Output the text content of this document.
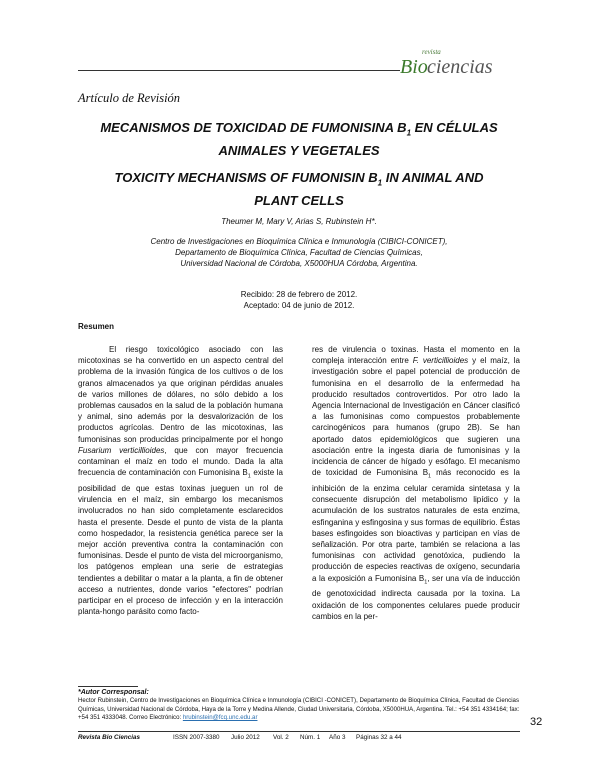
revista
Bio ciencias
Artículo de Revisión
MECANISMOS DE TOXICIDAD DE FUMONISINA $B_1$ EN CÉLULAS
ANIMALES Y VEGETALES
TOXICITY MECHANISMS OF FUMONISIN $B_1$ IN ANIMAL AND
PLANT CELLS
Theumer M, Mary V, Arias S, Rubinstein H*.
Centro de Investigaciones en Bioquímica Clínica e Inmunología (CIBICI-CONICET),
Departamento de Bioquímica Clínica, Facultad de Ciencias Químicas,
Universidad Nacional de Córdoba, X5000HUA Córdoba, Argentina.
Recibido: 28 de febrero de 2012.
Aceptado: 04 de junio de 2012.
Resumen
El riesgo toxicológico asociado con las micotoxinas se ha convertido en un aspecto central del problema de la invasión fúngica de los cultivos o de los granos almacenados ya que originan pérdidas anuales de varios millones de dólares, no sólo debido a los problemas causados en la salud de la población humana y animal, sino además por la desvalorización de los productos agrícolas. Dentro de las micotoxinas, las fumonisinas son producidas principalmente por el hongo Fusarium verticillioides, que con mayor frecuencia contaminan el maíz en todo el mundo. Dada la alta frecuencia de contaminación con Fumonisina $B_1$ existe la posibilidad de que estas toxinas jueguen un rol de virulencia en el maíz, sin embargo los mecanismos involucrados no han sido completamente esclarecidos hasta el presente. Desde el punto de vista de la planta como hospedador, la resistencia genética parece ser la mejor acción preventiva contra la contaminación con fumonisinas. Desde el punto de vista del microorganismo, los patógenos emplean una serie de estrategias tendientes a debilitar o matar a la planta, a fin de obtener acceso a nutrientes, donde varios "efectores" podrían participar en el proceso de infección y en la interacción planta-hongo parásito como facto-
res de virulencia o toxinas. Hasta el momento en la compleja interacción entre F. verticillioides y el maíz, la investigación sobre el papel potencial de producción de fumonisina en el desarrollo de la enfermedad ha producido resultados controvertidos. Por otro lado la Agencia Internacional de Investigación en Cáncer clasificó a las fumonisinas como compuestos probablemente carcinogénicos para humanos (grupo 2B). Se han aportado datos epidemiológicos que sugieren una asociación entre la ingesta diaria de fumonisinas y la incidencia de cáncer de hígado y esófago. El mecanismo de toxicidad de Fumonisina $B_1$ más reconocido es la inhibición de la enzima celular ceramida sintetasa y la consecuente disrupción del metabolismo lipídico y la acumulación de los sustratos naturales de esta enzima, esfinganina y esfingosina y sus formas de equilibrio. Éstas bases esfingoides son bioactivas y participan en vías de señalización. Por otra parte, también se relaciona a las fumonisinas con actividad genotóxica, pudiendo la producción de especies reactivas de oxígeno, secundaria a la exposición a Fumonisina $B_1$, ser una vía de inducción de genotoxicidad indirecta causada por la toxina. La oxidación de los componentes celulares puede producir cambios en la per-
*Autor Corresponsal:
Hector Rubinstein, Centro de Investigaciones en Bioquímica Clínica e Inmunología (CIBICI -CONICET), Departamento de Bioquímica Clínica, Facultad de Ciencias Químicas, Universidad Nacional de Córdoba, Haya de la Torre y Medina Allende, Ciudad Universitaria, Córdoba, X5000HUA, Argentina. Tel.: +54 351 4334164; fax: +54 351 4333048. Correo Electrónico: hrubinstein@fcq.unc.edu.ar	32
Revista Bio Ciencias	ISSN 2007-3380	Julio 2012	Vol. 2	Núm. 1	Año 3	Páginas 32 a 44
